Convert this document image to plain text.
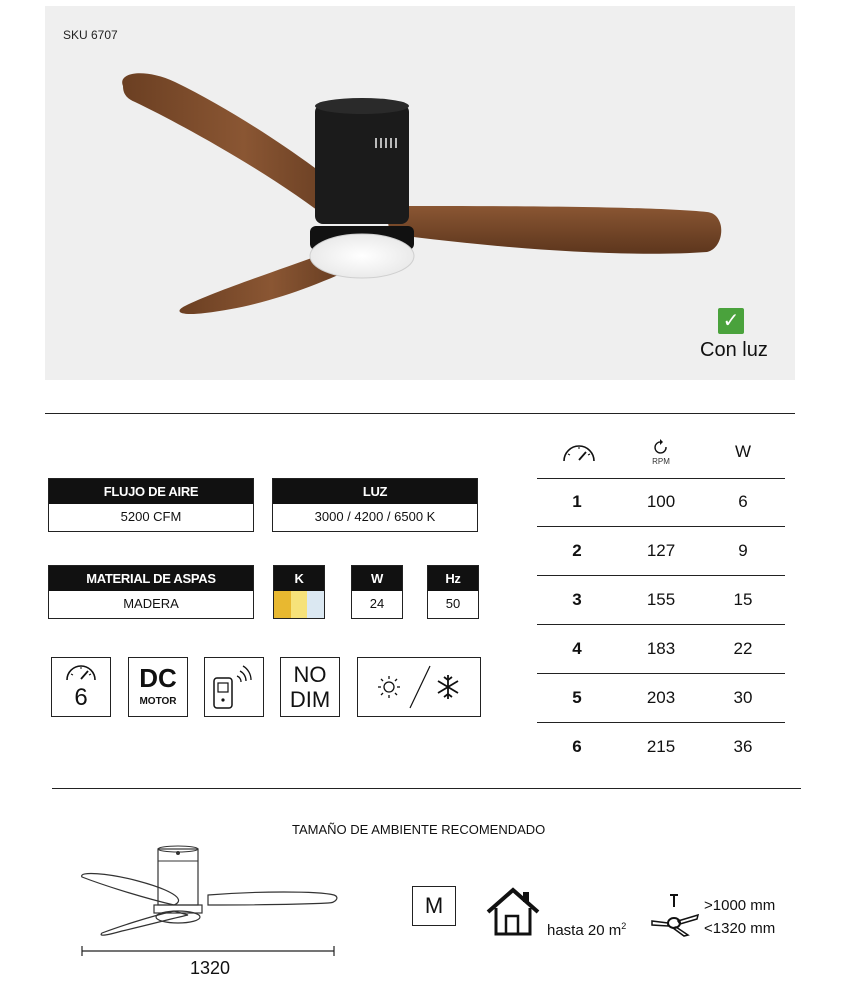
SKU 6707
✓
Con luz
FLUJO DE AIRE
5200 CFM
LUZ
3000 / 4200 / 6500 K
MATERIAL DE ASPAS
MADERA
K	W
24
Hz
50
6
DC
MOTOR
NO
DIM
RPM
W
1	100	6
2	127	9
3	155	15
4	183	22
5	203	30
6	215	36
TAMAÑO DE AMBIENTE RECOMENDADO
1320
M
hasta 20 $m^2$
>1000 mm
<1320 mm
